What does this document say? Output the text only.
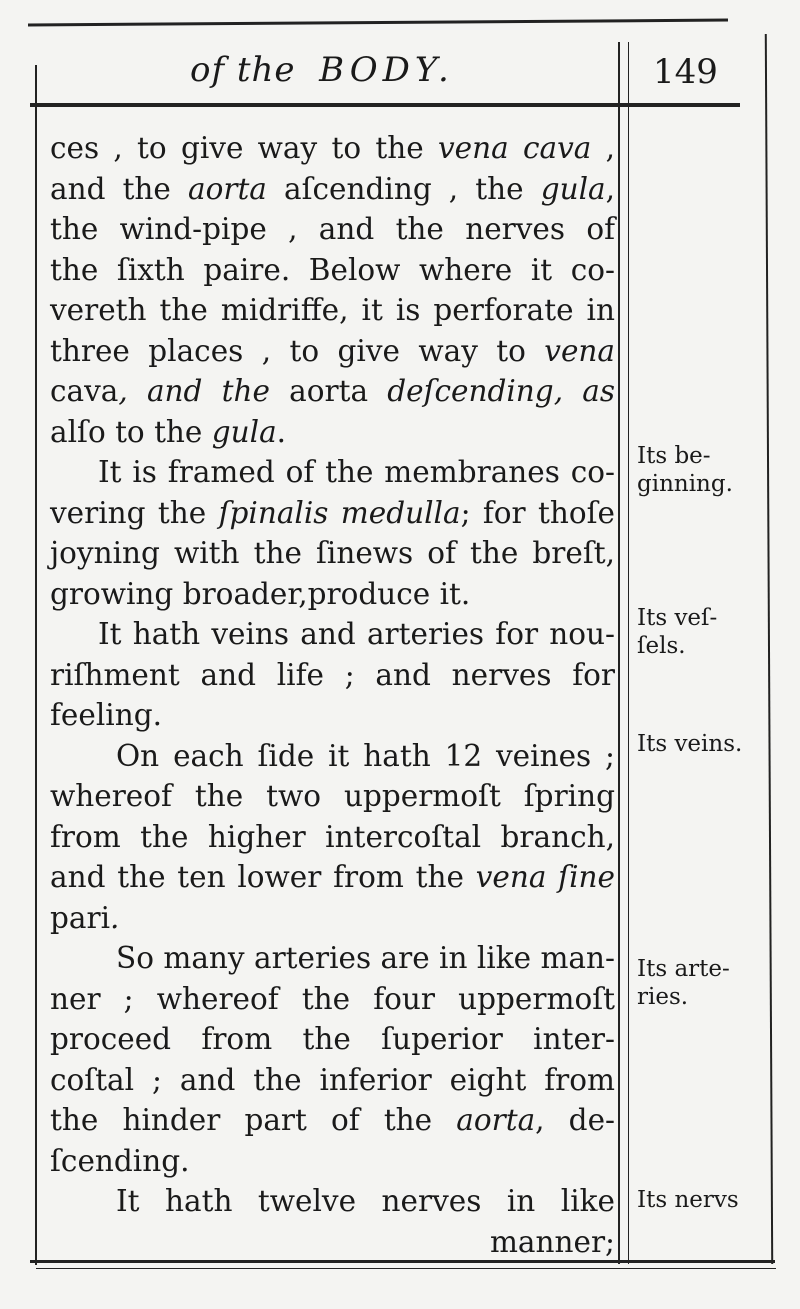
of the BODY.	149
ces , to give way to the vena cava ,
and the aorta aſcending , the gula,
the wind-pipe , and the nerves of
the ſixth paire. Below where it co-
vereth the midriffe, it is perforate in
three places , to give way to vena
cava, and the aorta deſcending, as
alſo to the gula.
It is framed of the membranes co-
vering the ſpinalis medulla; for thoſe
joyning with the ſinews of the breſt,
growing broader,produce it.
It hath veins and arteries for nou-
riſhment and life ; and nerves for
feeling.
On each ſide it hath 12 veines ;
whereof the two uppermoſt ſpring
from the higher intercoſtal branch,
and the ten lower from the vena ſine
pari.
So many arteries are in like man-
ner ; whereof the four uppermoſt
proceed from the ſuperior inter-
coſtal ; and the inferior eight from
the hinder part of the aorta, de-
ſcending.
It hath twelve nerves in like
manner;
Its be-
ginning.
Its veſ-
ſels.
Its veins.
Its arte-
ries.
Its nervs
